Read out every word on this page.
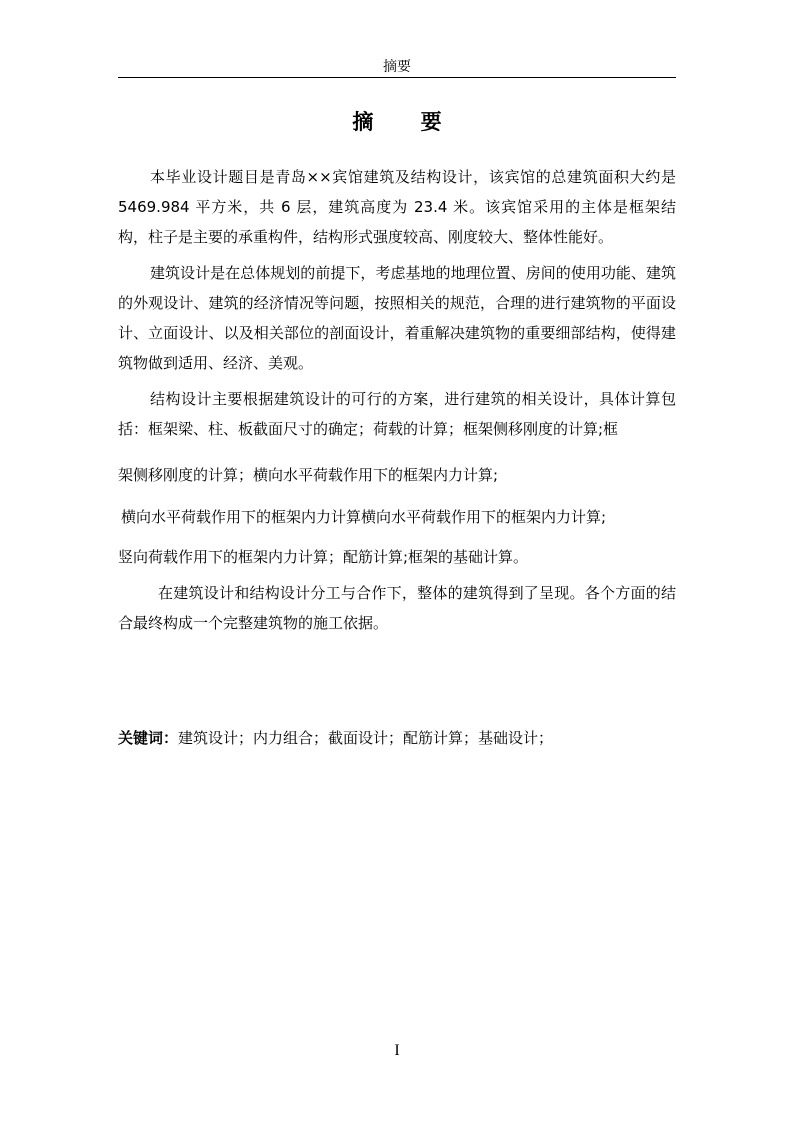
摘要
摘 要
本毕业设计题目是青岛××宾馆建筑及结构设计，该宾馆的总建筑面积大约是 5469.984 平方米，共 6 层，建筑高度为 23.4 米。该宾馆采用的主体是框架结构，柱子是主要的承重构件，结构形式强度较高、刚度较大、整体性能好。
建筑设计是在总体规划的前提下，考虑基地的地理位置、房间的使用功能、建筑的外观设计、建筑的经济情况等问题，按照相关的规范，合理的进行建筑物的平面设计、立面设计、以及相关部位的剖面设计，着重解决建筑物的重要细部结构，使得建筑物做到适用、经济、美观。
结构设计主要根据建筑设计的可行的方案，进行建筑的相关设计，具体计算包括：框架梁、柱、板截面尺寸的确定；荷载的计算；框架侧移刚度的计算;框
架侧移刚度的计算；横向水平荷载作用下的框架内力计算;
横向水平荷载作用下的框架内力计算横向水平荷载作用下的框架内力计算;
竖向荷载作用下的框架内力计算；配筋计算;框架的基础计算。
在建筑设计和结构设计分工与合作下，整体的建筑得到了呈现。各个方面的结合最终构成一个完整建筑物的施工依据。
关键词：建筑设计；内力组合；截面设计；配筋计算；基础设计；
I
